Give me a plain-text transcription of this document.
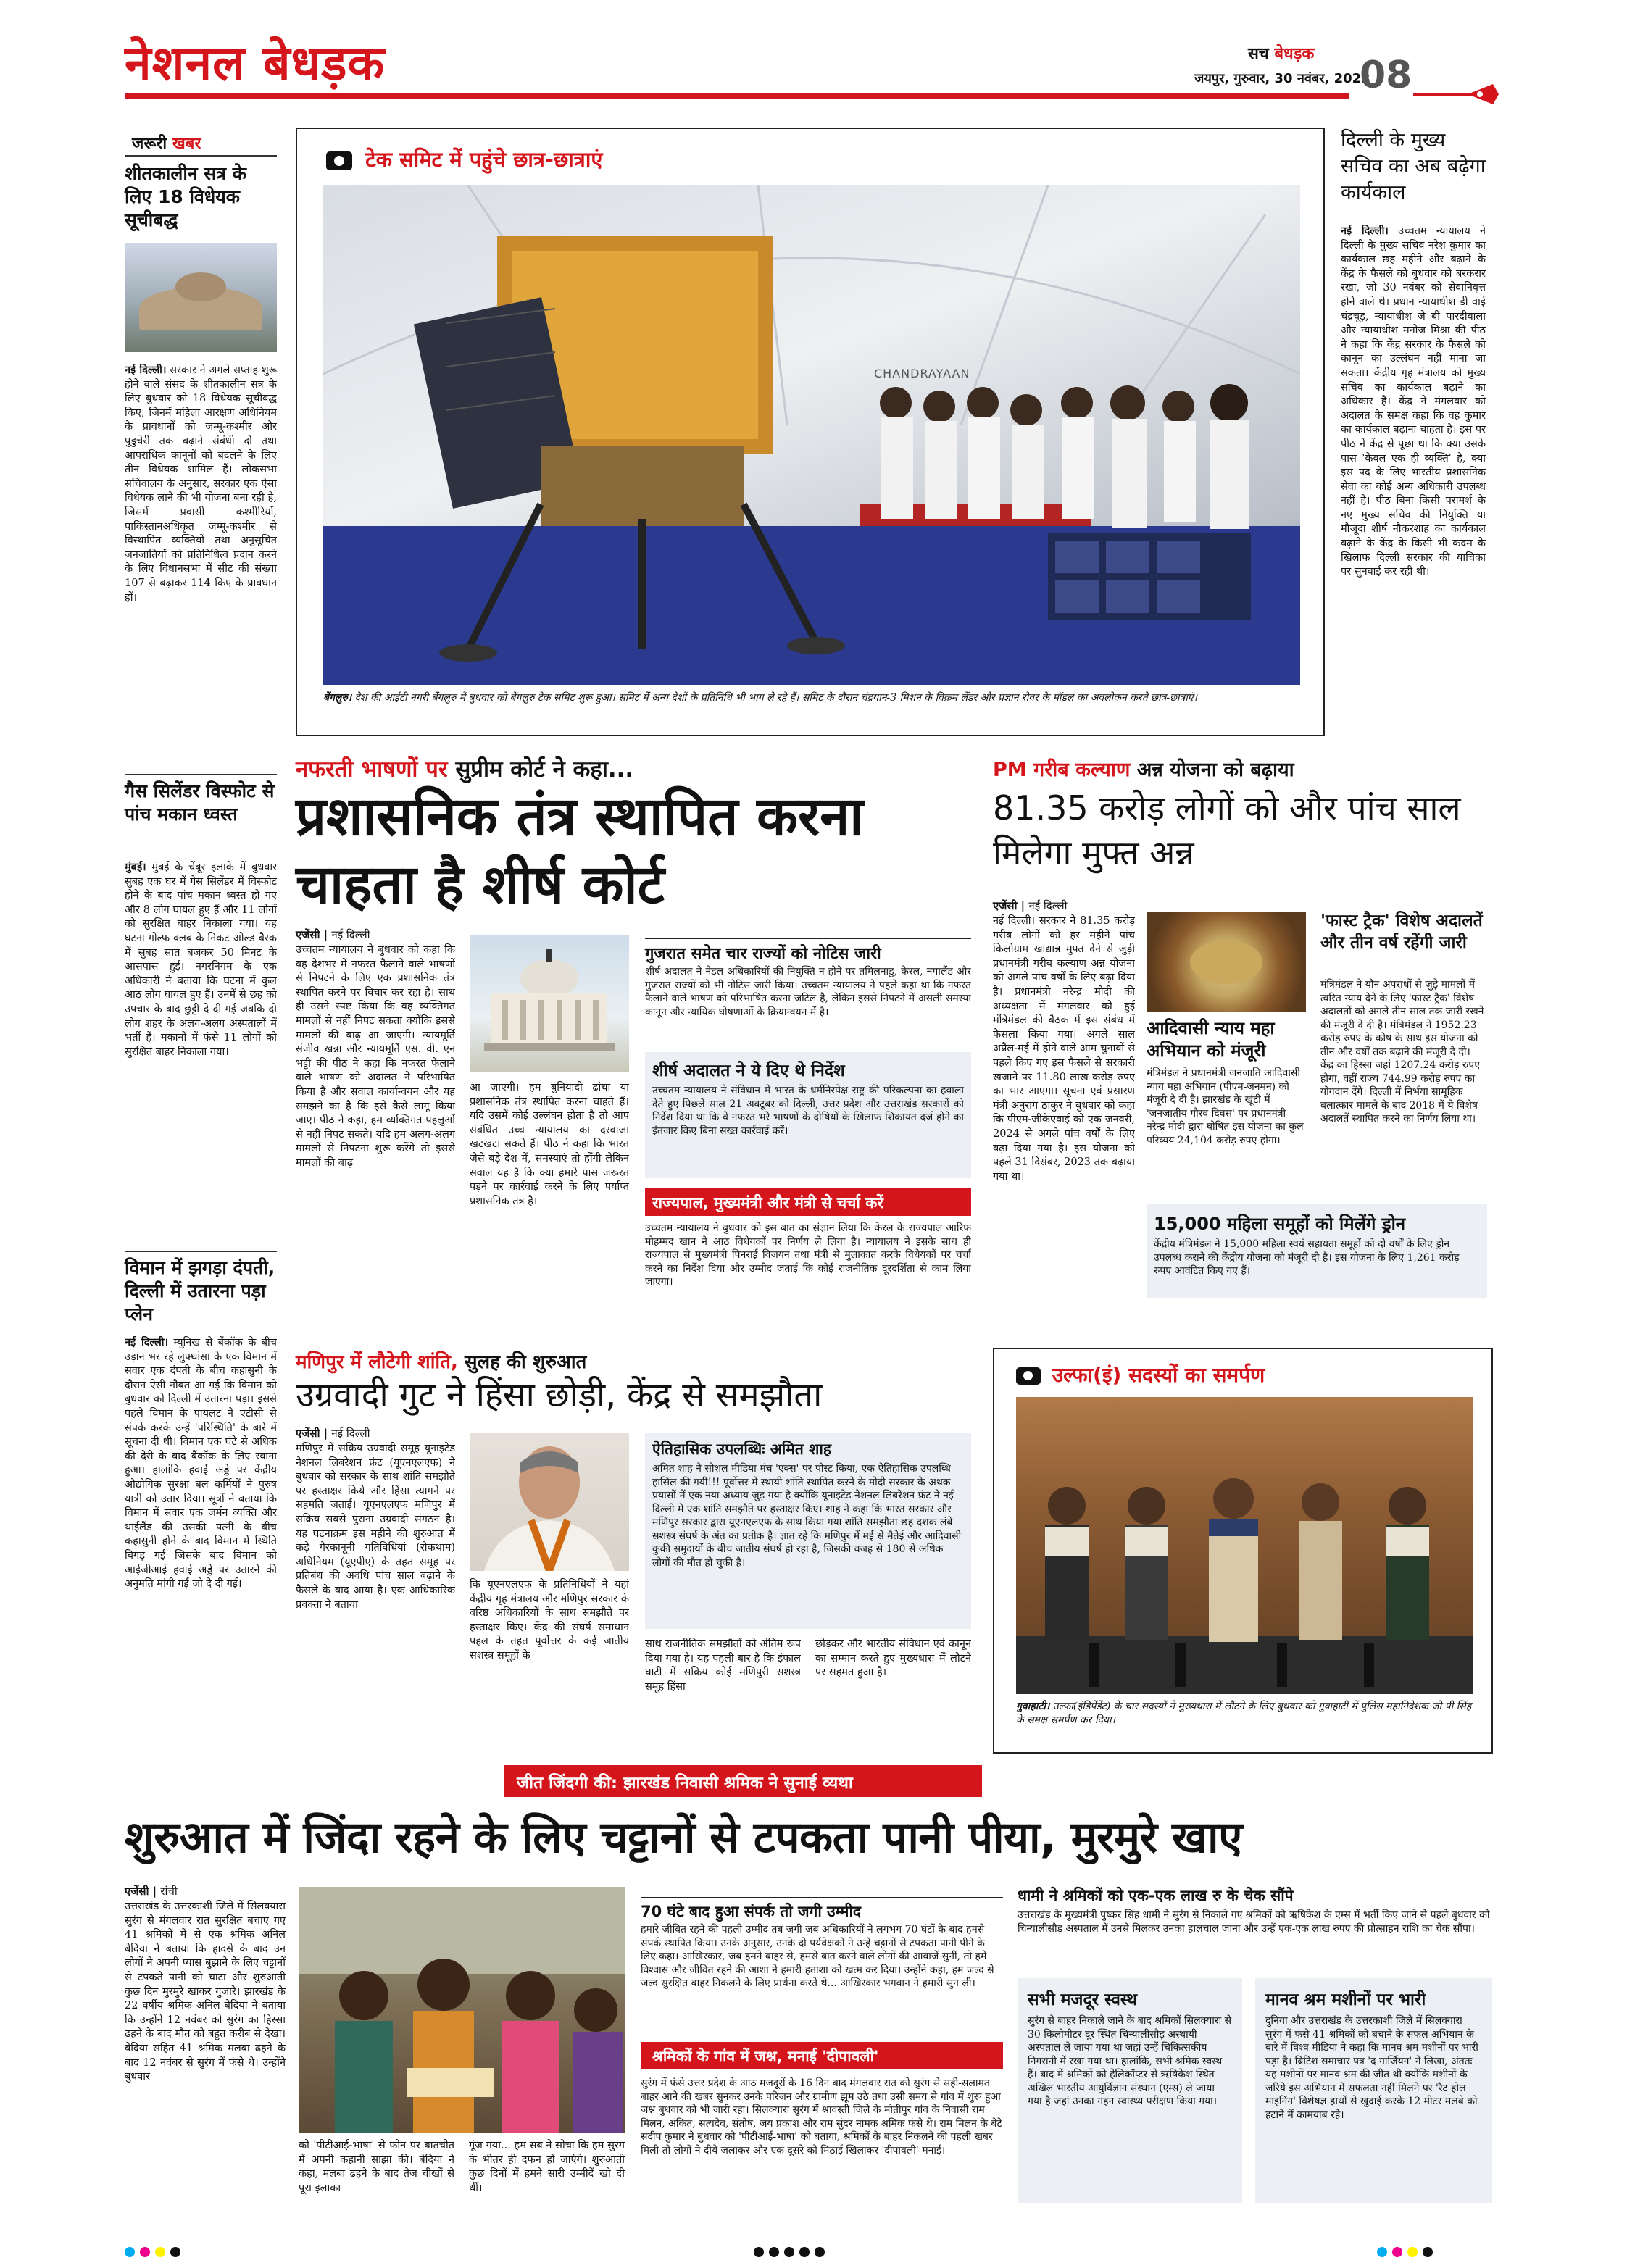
नेशनल बेधड़क	सच बेधड़क
जयपुर, गुरुवार, 30 नवंबर, 2023
08
जरूरी खबर
शीतकालीन सत्र के लिए 18 विधेयक सूचीबद्ध
नई दिल्ली। सरकार ने अगले सप्ताह शुरू होने वाले संसद के शीतकालीन सत्र के लिए बुधवार को 18 विधेयक सूचीबद्ध किए, जिनमें महिला आरक्षण अधिनियम के प्रावधानों को जम्मू-कश्मीर और पुडुचेरी तक बढ़ाने संबंधी दो तथा आपराधिक कानूनों को बदलने के लिए तीन विधेयक शामिल हैं। लोकसभा सचिवालय के अनुसार, सरकार एक ऐसा विधेयक लाने की भी योजना बना रही है, जिसमें प्रवासी कश्मीरियों, पाकिस्तानअधिकृत जम्मू-कश्मीर से विस्थापित व्यक्तियों तथा अनुसूचित जनजातियों को प्रतिनिधित्व प्रदान करने के लिए विधानसभा में सीट की संख्या 107 से बढ़ाकर 114 किए के प्रावधान हों।
गैस सिलेंडर विस्फोट से पांच मकान ध्वस्त
मुंबई। मुंबई के चेंबूर इलाके में बुधवार सुबह एक घर में गैस सिलेंडर में विस्फोट होने के बाद पांच मकान ध्वस्त हो गए और 8 लोग घायल हुए हैं और 11 लोगों को सुरक्षित बाहर निकाला गया। यह घटना गोल्फ क्लब के निकट ओल्ड बैरक में सुबह सात बजकर 50 मिनट के आसपास हुई। नगरनिगम के एक अधिकारी ने बताया कि घटना में कुल आठ लोग घायल हुए हैं। उनमें से छह को उपचार के बाद छुट्टी दे दी गई जबकि दो लोग शहर के अलग-अलग अस्पतालों में भर्ती हैं। मकानों में फंसे 11 लोगों को सुरक्षित बाहर निकाला गया।
विमान में झगड़ा दंपती, दिल्ली में उतारना पड़ा प्लेन
नई दिल्ली। म्यूनिख से बैंकॉक के बीच उड़ान भर रहे लुफ्थांसा के एक विमान में सवार एक दंपती के बीच कहासुनी के दौरान ऐसी नौबत आ गई कि विमान को बुधवार को दिल्ली में उतारना पड़ा। इससे पहले विमान के पायलट ने एटीसी से संपर्क करके उन्हें 'परिस्थिति' के बारे में सूचना दी थी। विमान एक घंटे से अधिक की देरी के बाद बैंकॉक के लिए रवाना हुआ। हालांकि हवाई अड्डे पर केंद्रीय औद्योगिक सुरक्षा बल कर्मियों ने पुरुष यात्री को उतार दिया। सूत्रों ने बताया कि विमान में सवार एक जर्मन व्यक्ति और थाईलैंड की उसकी पत्नी के बीच कहासुनी होने के बाद विमान में स्थिति बिगड़ गई जिसके बाद विमान को आईजीआई हवाई अड्डे पर उतारने की अनुमति मांगी गई जो दे दी गई।
टेक समिट में पहुंचे छात्र-छात्राएं
CHANDRAYAAN
बेंगलुरु। देश की आईटी नगरी बेंगलुरु में बुधवार को बेंगलुरु टेक समिट शुरू हुआ। समिट में अन्य देशों के प्रतिनिधि भी भाग ले रहे हैं। समिट के दौरान चंद्रयान-3 मिशन के विक्रम लेंडर और प्रज्ञान रोवर के मॉडल का अवलोकन करते छात्र-छात्राएं।
दिल्ली के मुख्य सचिव का अब बढ़ेगा कार्यकाल
नई दिल्ली। उच्चतम न्यायालय ने दिल्ली के मुख्य सचिव नरेश कुमार का कार्यकाल छह महीने और बढ़ाने के केंद्र के फैसले को बुधवार को बरकरार रखा, जो 30 नवंबर को सेवानिवृत्त होने वाले थे। प्रधान न्यायाधीश डी वाई चंद्रचूड़, न्यायाधीश जे बी पारदीवाला और न्यायाधीश मनोज मिश्रा की पीठ ने कहा कि केंद्र सरकार के फैसले को कानून का उल्लंघन नहीं माना जा सकता। केंद्रीय गृह मंत्रालय को मुख्य सचिव का कार्यकाल बढ़ाने का अधिकार है। केंद्र ने मंगलवार को अदालत के समक्ष कहा कि वह कुमार का कार्यकाल बढ़ाना चाहता है। इस पर पीठ ने केंद्र से पूछा था कि क्या उसके पास 'केवल एक ही व्यक्ति' है, क्या इस पद के लिए भारतीय प्रशासनिक सेवा का कोई अन्य अधिकारी उपलब्ध नहीं है। पीठ बिना किसी परामर्श के नए मुख्य सचिव की नियुक्ति या मौजूदा शीर्ष नौकरशाह का कार्यकाल बढ़ाने के केंद्र के किसी भी कदम के खिलाफ दिल्ली सरकार की याचिका पर सुनवाई कर रही थी।
नफरती भाषणों पर सुप्रीम कोर्ट ने कहा...
प्रशासनिक तंत्र स्थापित करना चाहता है शीर्ष कोर्ट
एजेंसी | नई दिल्ली
उच्चतम न्यायालय ने बुधवार को कहा कि वह देशभर में नफरत फैलाने वाले भाषणों से निपटने के लिए एक प्रशासनिक तंत्र स्थापित करने पर विचार कर रहा है। साथ ही उसने स्पष्ट किया कि वह व्यक्तिगत मामलों से नहीं निपट सकता क्योंकि इससे मामलों की बाढ़ आ जाएगी। न्यायमूर्ति संजीव खन्ना और न्यायमूर्ति एस. वी. एन भट्टी की पीठ ने कहा कि नफरत फैलाने वाले भाषण को अदालत ने परिभाषित किया है और सवाल कार्यान्वयन और यह समझने का है कि इसे कैसे लागू किया जाए। पीठ ने कहा, हम व्यक्तिगत पहलुओं से नहीं निपट सकते। यदि हम अलग-अलग मामलों से निपटना शुरू करेंगे तो इससे मामलों की बाढ़
आ जाएगी। हम बुनियादी ढांचा या प्रशासनिक तंत्र स्थापित करना चाहते हैं। यदि उसमें कोई उल्लंघन होता है तो आप संबंधित उच्च न्यायालय का दरवाजा खटखटा सकते हैं। पीठ ने कहा कि भारत जैसे बड़े देश में, समस्याएं तो होंगी लेकिन सवाल यह है कि क्या हमारे पास जरूरत पड़ने पर कार्रवाई करने के लिए पर्याप्त प्रशासनिक तंत्र है।
गुजरात समेत चार राज्यों को नोटिस जारी
शीर्ष अदालत ने नेडल अधिकारियों की नियुक्ति न होने पर तमिलनाडु, केरल, नगालैंड और गुजरात राज्यों को भी नोटिस जारी किया। उच्चतम न्यायालय ने पहले कहा था कि नफरत फैलाने वाले भाषण को परिभाषित करना जटिल है, लेकिन इससे निपटने में असली समस्या कानून और न्यायिक घोषणाओं के क्रियान्वयन में है।
शीर्ष अदालत ने ये दिए थे निर्देश
उच्चतम न्यायालय ने संविधान में भारत के धर्मनिरपेक्ष राष्ट्र की परिकल्पना का हवाला देते हुए पिछले साल 21 अक्टूबर को दिल्ली, उत्तर प्रदेश और उत्तराखंड सरकारों को निर्देश दिया था कि वे नफरत भरे भाषणों के दोषियों के खिलाफ शिकायत दर्ज होने का इंतजार किए बिना सख्त कार्रवाई करें।
राज्यपाल, मुख्यमंत्री और मंत्री से चर्चा करें
उच्चतम न्यायालय ने बुधवार को इस बात का संज्ञान लिया कि केरल के राज्यपाल आरिफ मोहम्मद खान ने आठ विधेयकों पर निर्णय ले लिया है। न्यायालय ने इसके साथ ही राज्यपाल से मुख्यमंत्री पिनराई विजयन तथा मंत्री से मुलाकात करके विधेयकों पर चर्चा करने का निर्देश दिया और उम्मीद जताई कि कोई राजनीतिक दूरदर्शिता से काम लिया जाएगा।
PM गरीब कल्याण अन्न योजना को बढ़ाया
81.35 करोड़ लोगों को और पांच साल मिलेगा मुफ्त अन्न
एजेंसी | नई दिल्ली
नई दिल्ली। सरकार ने 81.35 करोड़ गरीब लोगों को हर महीने पांच किलोग्राम खाद्यान्न मुफ्त देने से जुड़ी प्रधानमंत्री गरीब कल्याण अन्न योजना को अगले पांच वर्षों के लिए बढ़ा दिया है। प्रधानमंत्री नरेन्द्र मोदी की अध्यक्षता में मंगलवार को हुई मंत्रिमंडल की बैठक में इस संबंध में फैसला किया गया। अगले साल अप्रैल-मई में होने वाले आम चुनावों से पहले किए गए इस फैसले से सरकारी खजाने पर 11.80 लाख करोड़ रुपए का भार आएगा। सूचना एवं प्रसारण मंत्री अनुराग ठाकुर ने बुधवार को कहा कि पीएम-जीकेएवाई को एक जनवरी, 2024 से अगले पांच वर्षों के लिए बढ़ा दिया गया है। इस योजना को पहले 31 दिसंबर, 2023 तक बढ़ाया गया था।
आदिवासी न्याय महा अभियान को मंजूरी
मंत्रिमंडल ने प्रधानमंत्री जनजाति आदिवासी न्याय महा अभियान (पीएम-जनमन) को मंजूरी दे दी है। झारखंड के खूंटी में 'जनजातीय गौरव दिवस' पर प्रधानमंत्री नरेन्द्र मोदी द्वारा घोषित इस योजना का कुल परिव्यय 24,104 करोड़ रुपए होगा।
'फास्ट ट्रैक' विशेष अदालतें और तीन वर्ष रहेंगी जारी
मंत्रिमंडल ने यौन अपराधों से जुड़े मामलों में त्वरित न्याय देने के लिए 'फास्ट ट्रैक' विशेष अदालतों को अगले तीन साल तक जारी रखने की मंजूरी दे दी है। मंत्रिमंडल ने 1952.23 करोड़ रुपए के कोष के साथ इस योजना को तीन और वर्षों तक बढ़ाने की मंजूरी दे दी। केंद्र का हिस्सा जहां 1207.24 करोड़ रुपए होगा, वहीं राज्य 744.99 करोड़ रुपए का योगदान देंगे। दिल्ली में निर्भया सामूहिक बलात्कार मामले के बाद 2018 में ये विशेष अदालतें स्थापित करने का निर्णय लिया था।
15,000 महिला समूहों को मिलेंगे ड्रोन
केंद्रीय मंत्रिमंडल ने 15,000 महिला स्वयं सहायता समूहों को दो वर्षों के लिए ड्रोन उपलब्ध कराने की केंद्रीय योजना को मंजूरी दी है। इस योजना के लिए 1,261 करोड़ रुपए आवंटित किए गए हैं।
मणिपुर में लौटेगी शांति, सुलह की शुरुआत
उग्रवादी गुट ने हिंसा छोड़ी, केंद्र से समझौता
एजेंसी | नई दिल्ली
मणिपुर में सक्रिय उग्रवादी समूह यूनाइटेड नेशनल लिबरेशन फ्रंट (यूएनएलएफ) ने बुधवार को सरकार के साथ शांति समझौते पर हस्ताक्षर किये और हिंसा त्यागने पर सहमति जताई। यूएनएलएफ मणिपुर में सक्रिय सबसे पुराना उग्रवादी संगठन है। यह घटनाक्रम इस महीने की शुरुआत में कड़े गैरकानूनी गतिविधियां (रोकथाम) अधिनियम (यूएपीए) के तहत समूह पर प्रतिबंध की अवधि पांच साल बढ़ाने के फैसले के बाद आया है। एक आधिकारिक प्रवक्ता ने बताया
कि यूएनएलएफ के प्रतिनिधियों ने यहां केंद्रीय गृह मंत्रालय और मणिपुर सरकार के वरिष्ठ अधिकारियों के साथ समझौते पर हस्ताक्षर किए। केंद्र की संघर्ष समाधान पहल के तहत पूर्वोत्तर के कई जातीय सशस्त्र समूहों के
ऐतिहासिक उपलब्धिः अमित शाह
अमित शाह ने सोशल मीडिया मंच 'एक्स' पर पोस्ट किया, एक ऐतिहासिक उपलब्धि हासिल की गयी!!! पूर्वोत्तर में स्थायी शांति स्थापित करने के मोदी सरकार के अथक प्रयासों में एक नया अध्याय जुड़ गया है क्योंकि यूनाइटेड नेशनल लिबरेशन फ्रंट ने नई दिल्ली में एक शांति समझौते पर हस्ताक्षर किए। शाह ने कहा कि भारत सरकार और मणिपुर सरकार द्वारा यूएनएलएफ के साथ किया गया शांति समझौता छह दशक लंबे सशस्त्र संघर्ष के अंत का प्रतीक है। ज्ञात रहे कि मणिपुर में मई से मैतेई और आदिवासी कुकी समुदायों के बीच जातीय संघर्ष हो रहा है, जिसकी वजह से 180 से अधिक लोगों की मौत हो चुकी है।
साथ राजनीतिक समझौतों को अंतिम रूप दिया गया है। यह पहली बार है कि इंफाल घाटी में सक्रिय कोई मणिपुरी सशस्त्र समूह हिंसा
छोड़कर और भारतीय संविधान एवं कानून का सम्मान करते हुए मुख्यधारा में लौटने पर सहमत हुआ है।
उल्फा(इं) सदस्यों का समर्पण
गुवाहाटी। उल्फा(इंडिपेंडेंट) के चार सदस्यों ने मुख्यधारा में लौटने के लिए बुधवार को गुवाहाटी में पुलिस महानिदेशक जी पी सिंह के समक्ष समर्पण कर दिया।
जीत जिंदगी की: झारखंड निवासी श्रमिक ने सुनाई व्यथा
शुरुआत में जिंदा रहने के लिए चट्टानों से टपकता पानी पीया, मुरमुरे खाए
एजेंसी | रांची
उत्तराखंड के उत्तरकाशी जिले में सिलक्यारा सुरंग से मंगलवार रात सुरक्षित बचाए गए 41 श्रमिकों में से एक श्रमिक अनिल बेदिया ने बताया कि हादसे के बाद उन लोगों ने अपनी प्यास बुझाने के लिए चट्टानों से टपकते पानी को चाटा और शुरुआती कुछ दिन मुरमुरे खाकर गुजारे। झारखंड के 22 वर्षीय श्रमिक अनिल बेदिया ने बताया कि उन्होंने 12 नवंबर को सुरंग का हिस्सा ढहने के बाद मौत को बहुत करीब से देखा। बेदिया सहित 41 श्रमिक मलबा ढहने के बाद 12 नवंबर से सुरंग में फंसे थे। उन्होंने बुधवार
को 'पीटीआई-भाषा' से फोन पर बातचीत में अपनी कहानी साझा की। बेदिया ने कहा, मलबा ढहने के बाद तेज चीखों से पूरा इलाका
गूंज गया... हम सब ने सोचा कि हम सुरंग के भीतर ही दफन हो जाएंगे। शुरुआती कुछ दिनों में हमने सारी उम्मीदें खो दी थीं।
70 घंटे बाद हुआ संपर्क तो जगी उम्मीद
हमारे जीवित रहने की पहली उम्मीद तब जगी जब अधिकारियों ने लगभग 70 घंटों के बाद हमसे संपर्क स्थापित किया। उनके अनुसार, उनके दो पर्यवेक्षकों ने उन्हें चट्टानों से टपकता पानी पीने के लिए कहा। आखिरकार, जब हमने बाहर से, हमसे बात करने वाले लोगों की आवाजें सुनीं, तो हमें विश्वास और जीवित रहने की आशा ने हमारी हताशा को खत्म कर दिया। उन्होंने कहा, हम जल्द से जल्द सुरक्षित बाहर निकलने के लिए प्रार्थना करते थे... आखिरकार भगवान ने हमारी सुन ली।
श्रमिकों के गांव में जश्न, मनाई 'दीपावली'
सुरंग में फंसे उत्तर प्रदेश के आठ मजदूरों के 16 दिन बाद मंगलवार रात को सुरंग से सही-सलामत बाहर आने की खबर सुनकर उनके परिजन और ग्रामीण झूम उठे तथा उसी समय से गांव में शुरू हुआ जश्न बुधवार को भी जारी रहा। सिलक्यारा सुरंग में श्रावस्ती जिले के मोतीपुर गांव के निवासी राम मिलन, अंकित, सत्यदेव, संतोष, जय प्रकाश और राम सुंदर नामक श्रमिक फंसे थे। राम मिलन के बेटे संदीप कुमार ने बुधवार को 'पीटीआई-भाषा' को बताया, श्रमिकों के बाहर निकलने की पहली खबर मिली तो लोगों ने दीये जलाकर और एक दूसरे को मिठाई खिलाकर 'दीपावली' मनाई।
धामी ने श्रमिकों को एक-एक लाख रु के चेक सौंपे
उत्तराखंड के मुख्यमंत्री पुष्कर सिंह धामी ने सुरंग से निकाले गए श्रमिकों को ऋषिकेश के एम्स में भर्ती किए जाने से पहले बुधवार को चिन्यालीसौड़ अस्पताल में उनसे मिलकर उनका हालचाल जाना और उन्हें एक-एक लाख रुपए की प्रोत्साहन राशि का चेक सौंपा।
सभी मजदूर स्वस्थ
सुरंग से बाहर निकाले जाने के बाद श्रमिकों सिलक्यारा से 30 किलोमीटर दूर स्थित चिन्यालीसौड़ अस्थायी अस्पताल ले जाया गया था जहां उन्हें चिकित्सकीय निगरानी में रखा गया था। हालांकि, सभी श्रमिक स्वस्थ हैं। बाद में श्रमिकों को हेलिकॉप्टर से ऋषिकेश स्थित अखिल भारतीय आयुर्विज्ञान संस्थान (एम्स) ले जाया गया है जहां उनका गहन स्वास्थ्य परीक्षण किया गया।
मानव श्रम मशीनों पर भारी
दुनिया और उत्तराखंड के उत्तरकाशी जिले में सिलक्यारा सुरंग में फंसे 41 श्रमिकों को बचाने के सफल अभियान के बारे में विश्व मीडिया ने कहा कि मानव श्रम मशीनों पर भारी पड़ा है। ब्रिटिश समाचार पत्र 'द गार्जियन' ने लिखा, अंततः यह मशीनों पर मानव श्रम की जीत थी क्योंकि मशीनों के जरिये इस अभियान में सफलता नहीं मिलने पर 'रैट होल माइनिंग' विशेषज्ञ हाथों से खुदाई करके 12 मीटर मलबे को हटाने में कामयाब रहे।
